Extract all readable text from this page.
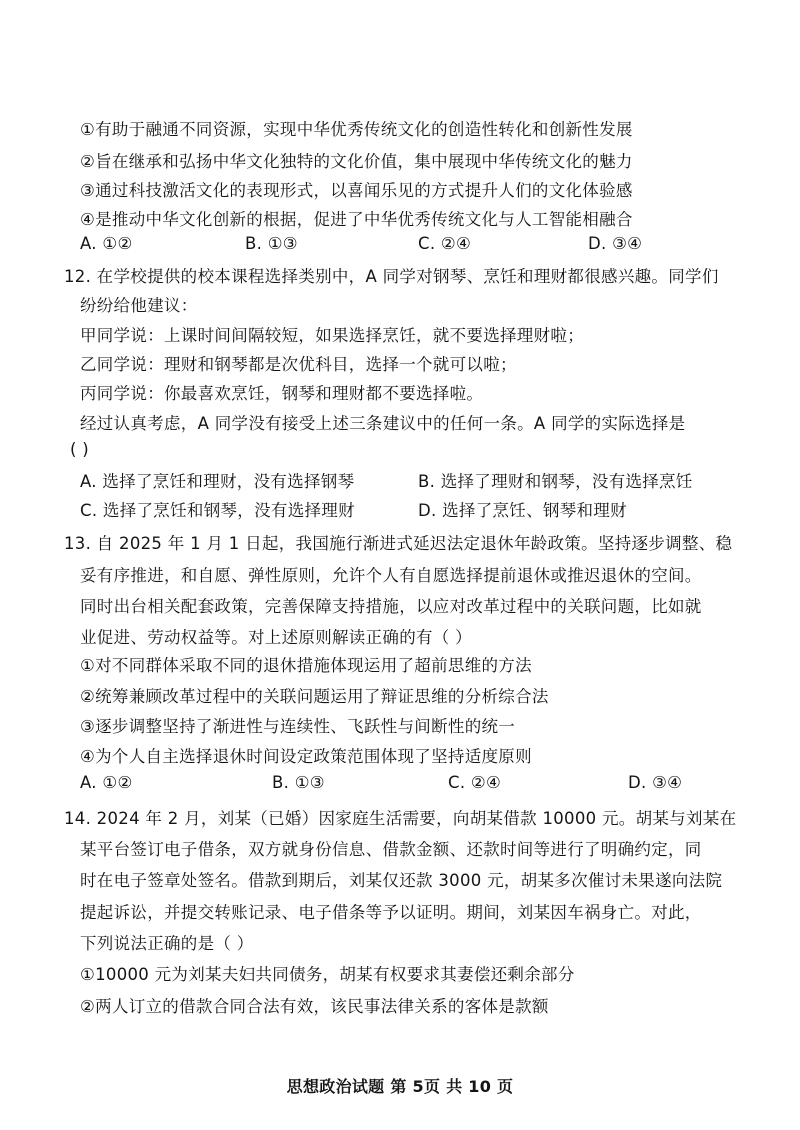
①有助于融通不同资源，实现中华优秀传统文化的创造性转化和创新性发展
②旨在继承和弘扬中华文化独特的文化价值，集中展现中华传统文化的魅力
③通过科技激活文化的表现形式，以喜闻乐见的方式提升人们的文化体验感
④是推动中华文化创新的根据，促进了中华优秀传统文化与人工智能相融合
A. ①②	B. ①③	C. ②④	D. ③④
12. 在学校提供的校本课程选择类别中，A 同学对钢琴、烹饪和理财都很感兴趣。同学们
纷纷给他建议：
甲同学说：上课时间间隔较短，如果选择烹饪，就不要选择理财啦；
乙同学说：理财和钢琴都是次优科目，选择一个就可以啦；
丙同学说：你最喜欢烹饪，钢琴和理财都不要选择啦。
经过认真考虑，A 同学没有接受上述三条建议中的任何一条。A 同学的实际选择是
( )
A. 选择了烹饪和理财，没有选择钢琴	B. 选择了理财和钢琴，没有选择烹饪
C. 选择了烹饪和钢琴，没有选择理财	D. 选择了烹饪、钢琴和理财
13. 自 2025 年 1 月 1 日起，我国施行渐进式延迟法定退休年龄政策。坚持逐步调整、稳
妥有序推进，和自愿、弹性原则，允许个人有自愿选择提前退休或推迟退休的空间。
同时出台相关配套政策，完善保障支持措施，以应对改革过程中的关联问题，比如就
业促进、劳动权益等。对上述原则解读正确的有（ ）
①对不同群体采取不同的退休措施体现运用了超前思维的方法
②统筹兼顾改革过程中的关联问题运用了辩证思维的分析综合法
③逐步调整坚持了渐进性与连续性、飞跃性与间断性的统一
④为个人自主选择退休时间设定政策范围体现了坚持适度原则
A. ①②	B. ①③	C. ②④	D. ③④
14. 2024 年 2 月，刘某（已婚）因家庭生活需要，向胡某借款 10000 元。胡某与刘某在
某平台签订电子借条，双方就身份信息、借款金额、还款时间等进行了明确约定，同
时在电子签章处签名。借款到期后，刘某仅还款 3000 元，胡某多次催讨未果遂向法院
提起诉讼，并提交转账记录、电子借条等予以证明。期间，刘某因车祸身亡。对此，
下列说法正确的是（ ）
①10000 元为刘某夫妇共同债务，胡某有权要求其妻偿还剩余部分
②两人订立的借款合同合法有效，该民事法律关系的客体是款额
思想政治试题 第 5页 共 10 页
